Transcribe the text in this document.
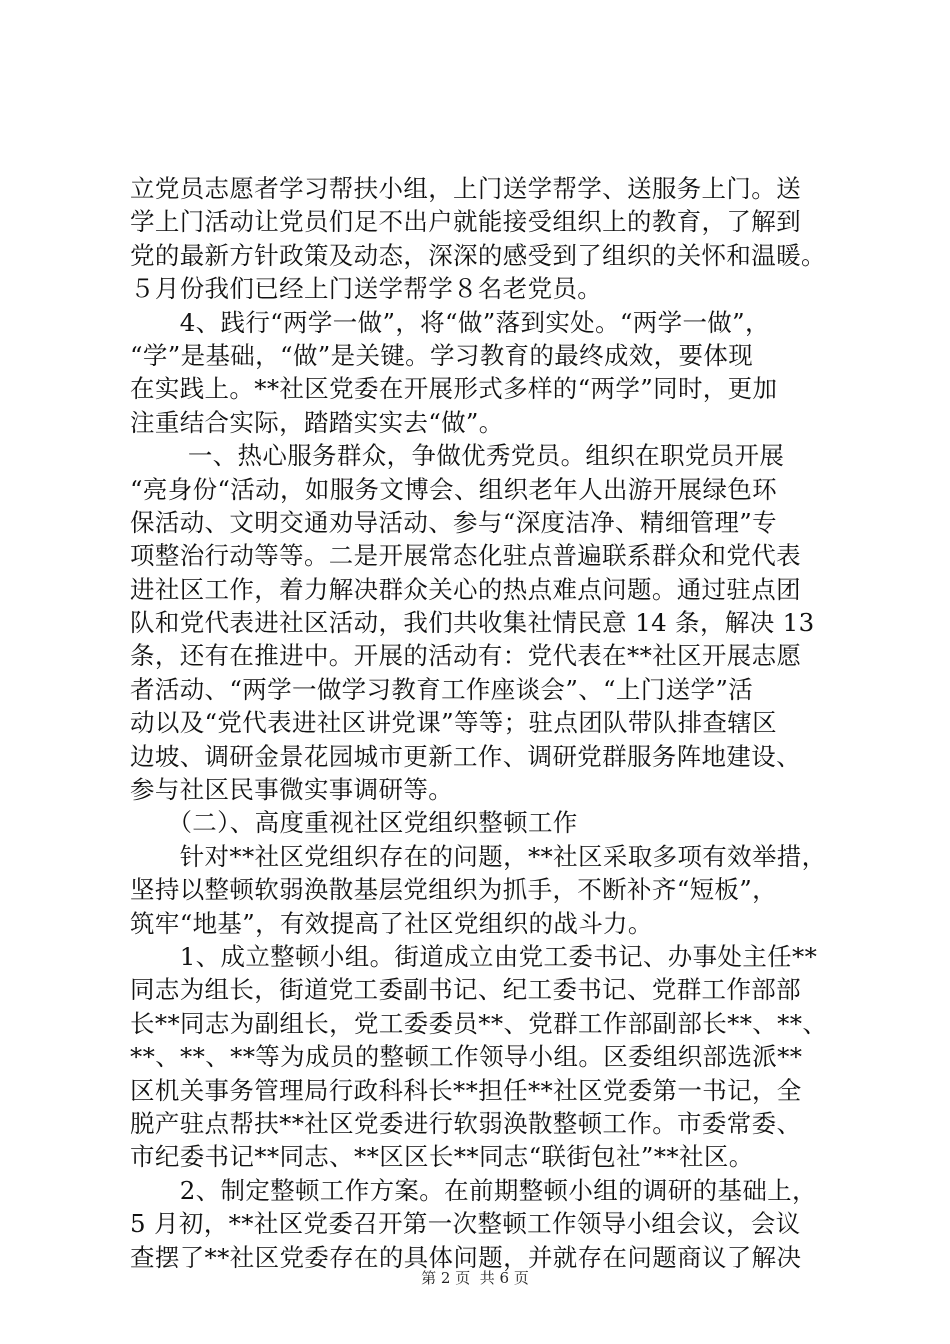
立党员志愿者学习帮扶小组，上门送学帮学、送服务上门。送
学上门活动让党员们足不出户就能接受组织上的教育，了解到
党的最新方针政策及动态，深深的感受到了组织的关怀和温暖。
５月份我们已经上门送学帮学８名老党员。
　　4、践行“两学一做”，将“做”落到实处。“两学一做”，
“学”是基础，“做”是关键。学习教育的最终成效，要体现
在实践上。**社区党委在开展形式多样的“两学”同时，更加
注重结合实际，踏踏实实去“做”。
　　 一、热心服务群众，争做优秀党员。组织在职党员开展
“亮身份“活动，如服务文博会、组织老年人出游开展绿色环
保活动、文明交通劝导活动、参与“深度洁净、精细管理”专
项整治行动等等。二是开展常态化驻点普遍联系群众和党代表
进社区工作，着力解决群众关心的热点难点问题。通过驻点团
队和党代表进社区活动，我们共收集社情民意 14 条，解决 13
条，还有在推进中。开展的活动有：党代表在**社区开展志愿
者活动、“两学一做学习教育工作座谈会”、“上门送学”活
动以及“党代表进社区讲党课”等等；驻点团队带队排查辖区
边坡、调研金景花园城市更新工作、调研党群服务阵地建设、
参与社区民事微实事调研等。
　　（二）、高度重视社区党组织整顿工作
　　针对**社区党组织存在的问题，**社区采取多项有效举措，
坚持以整顿软弱涣散基层党组织为抓手，不断补齐“短板”，
筑牢“地基”，有效提高了社区党组织的战斗力。
　　1、成立整顿小组。街道成立由党工委书记、办事处主任**
同志为组长，街道党工委副书记、纪工委书记、党群工作部部
长**同志为副组长，党工委委员**、党群工作部副部长**、**、
**、**、**等为成员的整顿工作领导小组。区委组织部选派**
区机关事务管理局行政科科长**担任**社区党委第一书记，全
脱产驻点帮扶**社区党委进行软弱涣散整顿工作。市委常委、
市纪委书记**同志、**区区长**同志“联街包社”**社区。
　　2、制定整顿工作方案。在前期整顿小组的调研的基础上，
5 月初，**社区党委召开第一次整顿工作领导小组会议，会议
查摆了**社区党委存在的具体问题，并就存在问题商议了解决
第 2 页  共 6 页
